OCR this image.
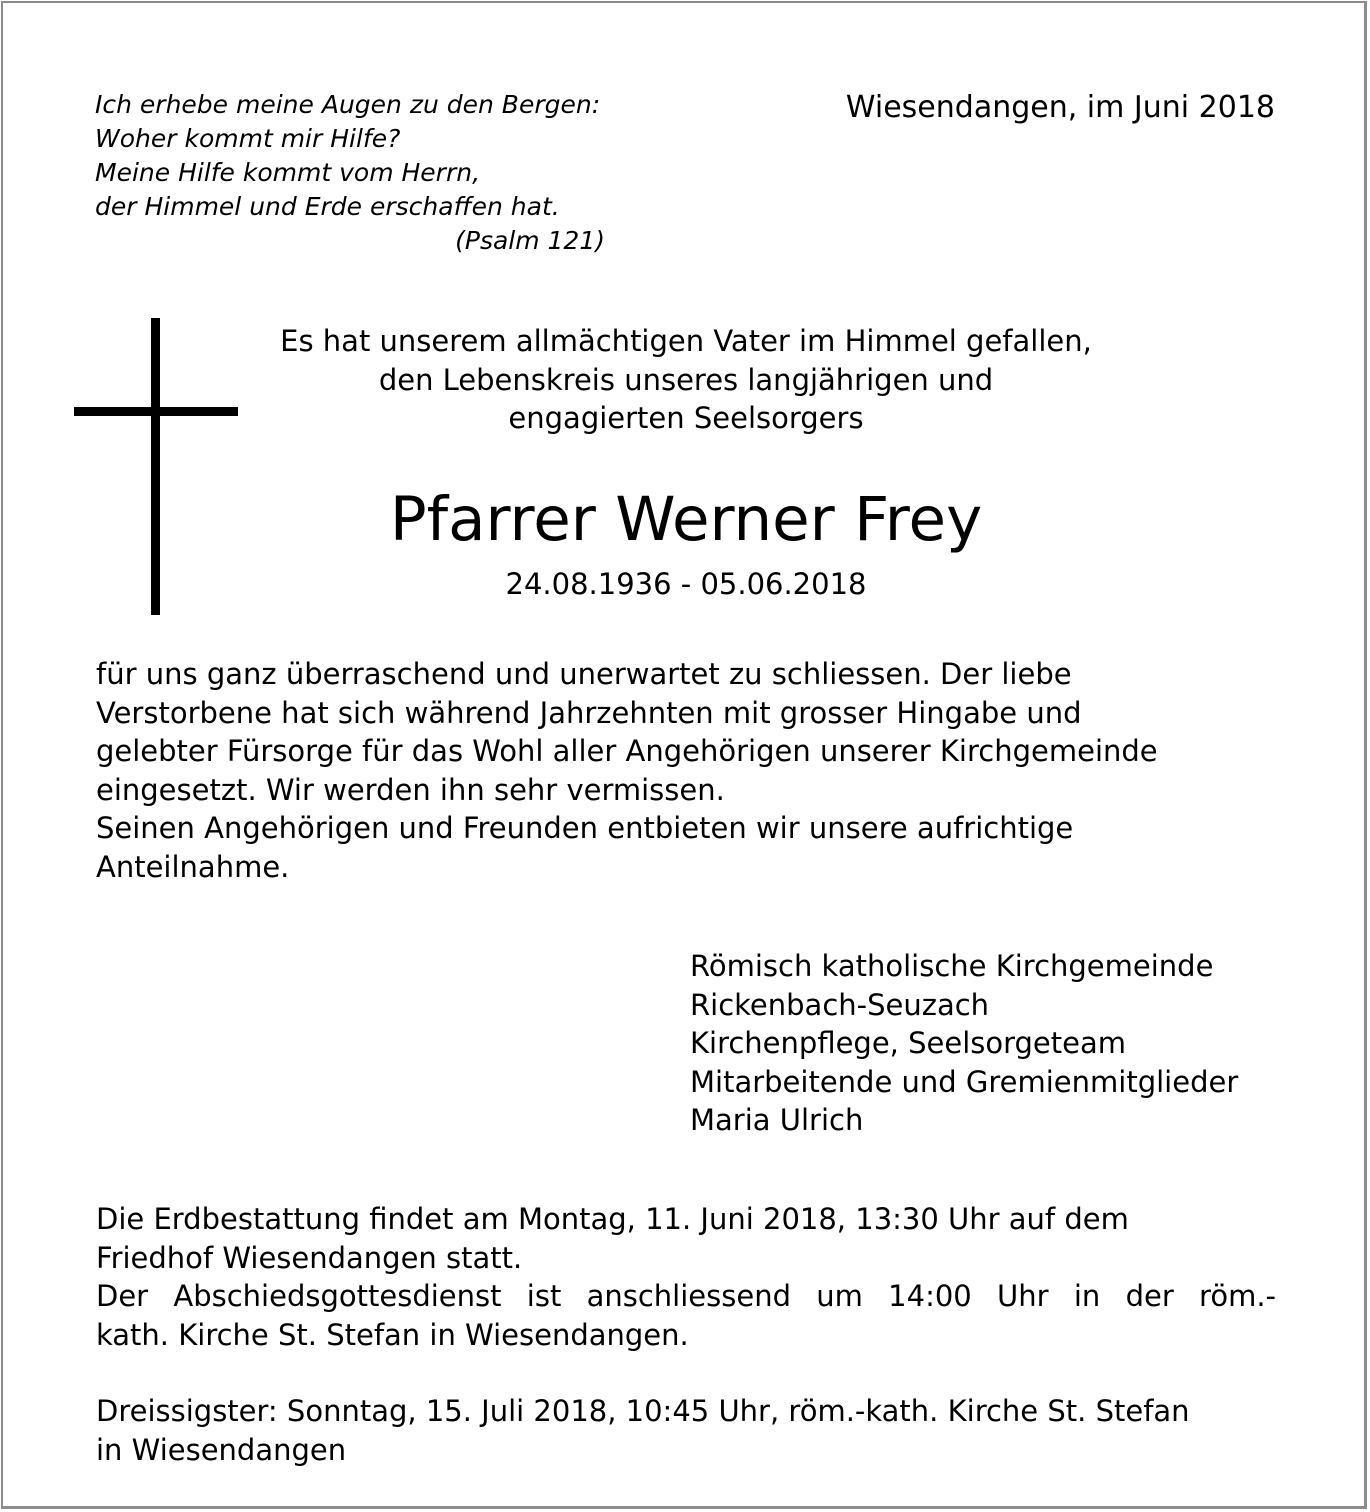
Ich erhebe meine Augen zu den Bergen:
Woher kommt mir Hilfe?
Meine Hilfe kommt vom Herrn,
der Himmel und Erde erschaffen hat.
(Psalm 121)
Wiesendangen, im Juni 2018
Es hat unserem allmächtigen Vater im Himmel gefallen,
den Lebenskreis unseres langjährigen und
engagierten Seelsorgers
Pfarrer Werner Frey
24.08.1936 - 05.06.2018
für uns ganz überraschend und unerwartet zu schliessen. Der liebe
Verstorbene hat sich während Jahrzehnten mit grosser Hingabe und
gelebter Fürsorge für das Wohl aller Angehörigen unserer Kirchgemeinde
eingesetzt. Wir werden ihn sehr vermissen.
Seinen Angehörigen und Freunden entbieten wir unsere aufrichtige
Anteilnahme.
Römisch katholische Kirchgemeinde
Rickenbach-Seuzach
Kirchenpflege, Seelsorgeteam
Mitarbeitende und Gremienmitglieder
Maria Ulrich
Die Erdbestattung findet am Montag, 11. Juni 2018, 13:30 Uhr auf dem
Friedhof Wiesendangen statt.
Der Abschiedsgottesdienst ist anschliessend um 14:00 Uhr in der röm.-
kath. Kirche St. Stefan in Wiesendangen.
Dreissigster: Sonntag, 15. Juli 2018, 10:45 Uhr, röm.-kath. Kirche St. Stefan
in Wiesendangen
